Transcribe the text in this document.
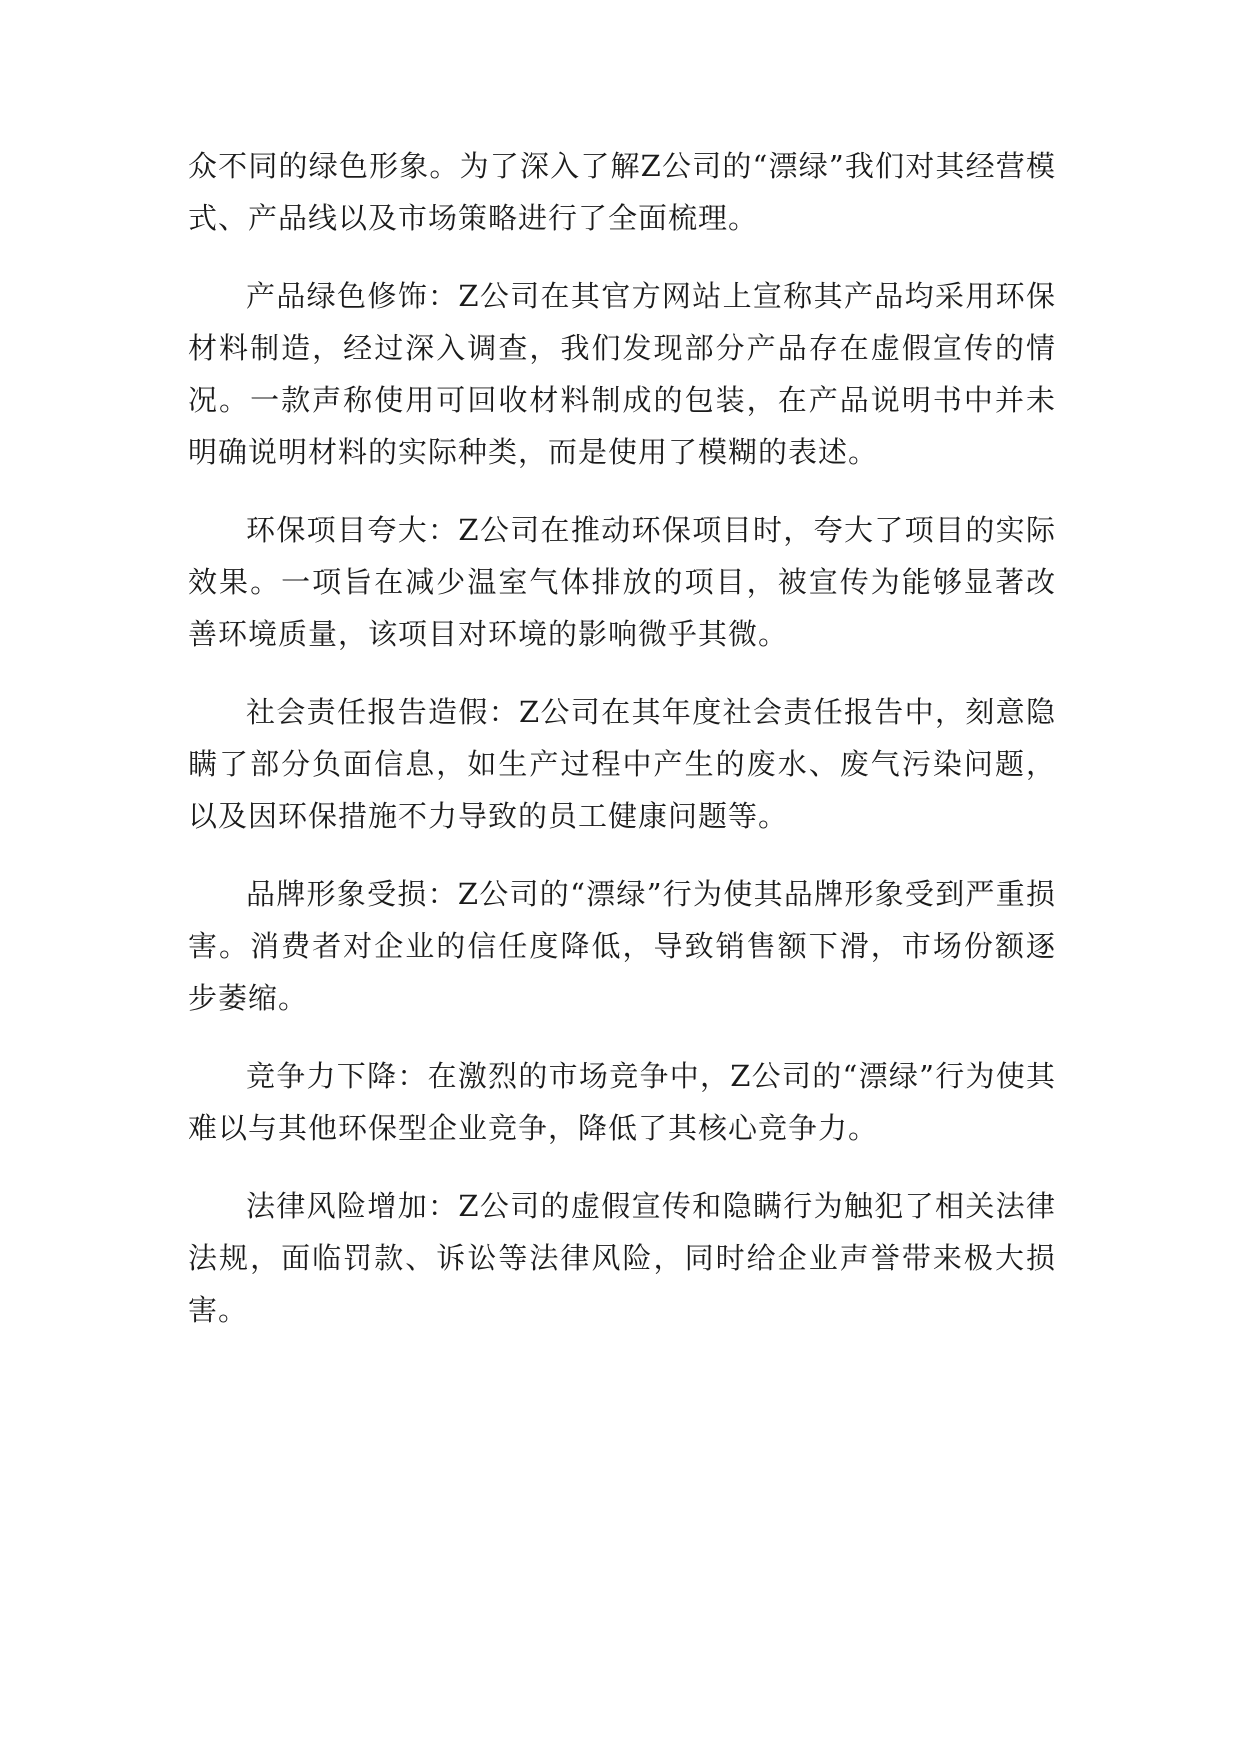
众不同的绿色形象。为了深入了解Z公司的“漂绿”我们对其经营模式、产品线以及市场策略进行了全面梳理。

产品绿色修饰：Z公司在其官方网站上宣称其产品均采用环保材料制造，经过深入调查，我们发现部分产品存在虚假宣传的情况。一款声称使用可回收材料制成的包装，在产品说明书中并未明确说明材料的实际种类，而是使用了模糊的表述。

环保项目夸大：Z公司在推动环保项目时，夸大了项目的实际效果。一项旨在减少温室气体排放的项目，被宣传为能够显著改善环境质量，该项目对环境的影响微乎其微。

社会责任报告造假：Z公司在其年度社会责任报告中，刻意隐瞒了部分负面信息，如生产过程中产生的废水、废气污染问题，以及因环保措施不力导致的员工健康问题等。

品牌形象受损：Z公司的“漂绿”行为使其品牌形象受到严重损害。消费者对企业的信任度降低，导致销售额下滑，市场份额逐步萎缩。

竞争力下降：在激烈的市场竞争中，Z公司的“漂绿”行为使其难以与其他环保型企业竞争，降低了其核心竞争力。

法律风险增加：Z公司的虚假宣传和隐瞒行为触犯了相关法律法规，面临罚款、诉讼等法律风险，同时给企业声誉带来极大损害。
